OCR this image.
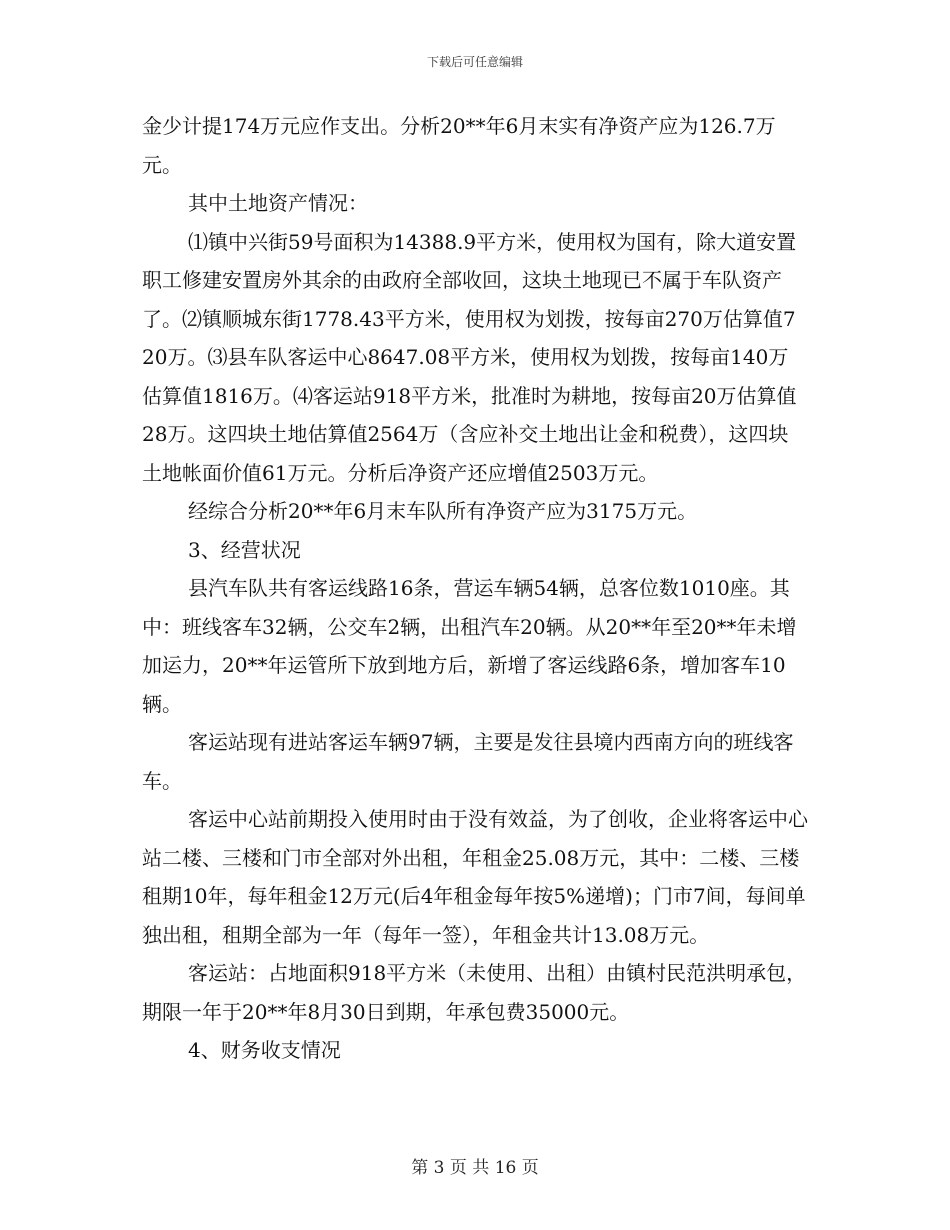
下载后可任意编辑

金少计提174万元应作支出。分析20**年6月末实有净资产应为126.7万元。

其中土地资产情况：

⑴镇中兴街59号面积为14388.9平方米，使用权为国有，除大道安置职工修建安置房外其余的由政府全部收回，这块土地现已不属于车队资产了。⑵镇顺城东街1778.43平方米，使用权为划拨，按每亩270万估算值720万。⑶县车队客运中心8647.08平方米，使用权为划拨，按每亩140万估算值1816万。⑷客运站918平方米，批准时为耕地，按每亩20万估算值28万。这四块土地估算值2564万（含应补交土地出让金和税费），这四块土地帐面价值61万元。分析后净资产还应增值2503万元。

经综合分析20**年6月末车队所有净资产应为3175万元。

3、经营状况

县汽车队共有客运线路16条，营运车辆54辆，总客位数1010座。其中：班线客车32辆，公交车2辆，出租汽车20辆。从20**年至20**年未增加运力，20**年运管所下放到地方后，新增了客运线路6条，增加客车10辆。

客运站现有进站客运车辆97辆，主要是发往县境内西南方向的班线客车。

客运中心站前期投入使用时由于没有效益，为了创收，企业将客运中心站二楼、三楼和门市全部对外出租，年租金25.08万元，其中：二楼、三楼租期10年，每年租金12万元(后4年租金每年按5%递增)；门市7间，每间单独出租，租期全部为一年（每年一签），年租金共计13.08万元。

客运站：占地面积918平方米（未使用、出租）由镇村民范洪明承包，期限一年于20**年8月30日到期，年承包费35000元。

4、财务收支情况

第 3 页 共 16 页
